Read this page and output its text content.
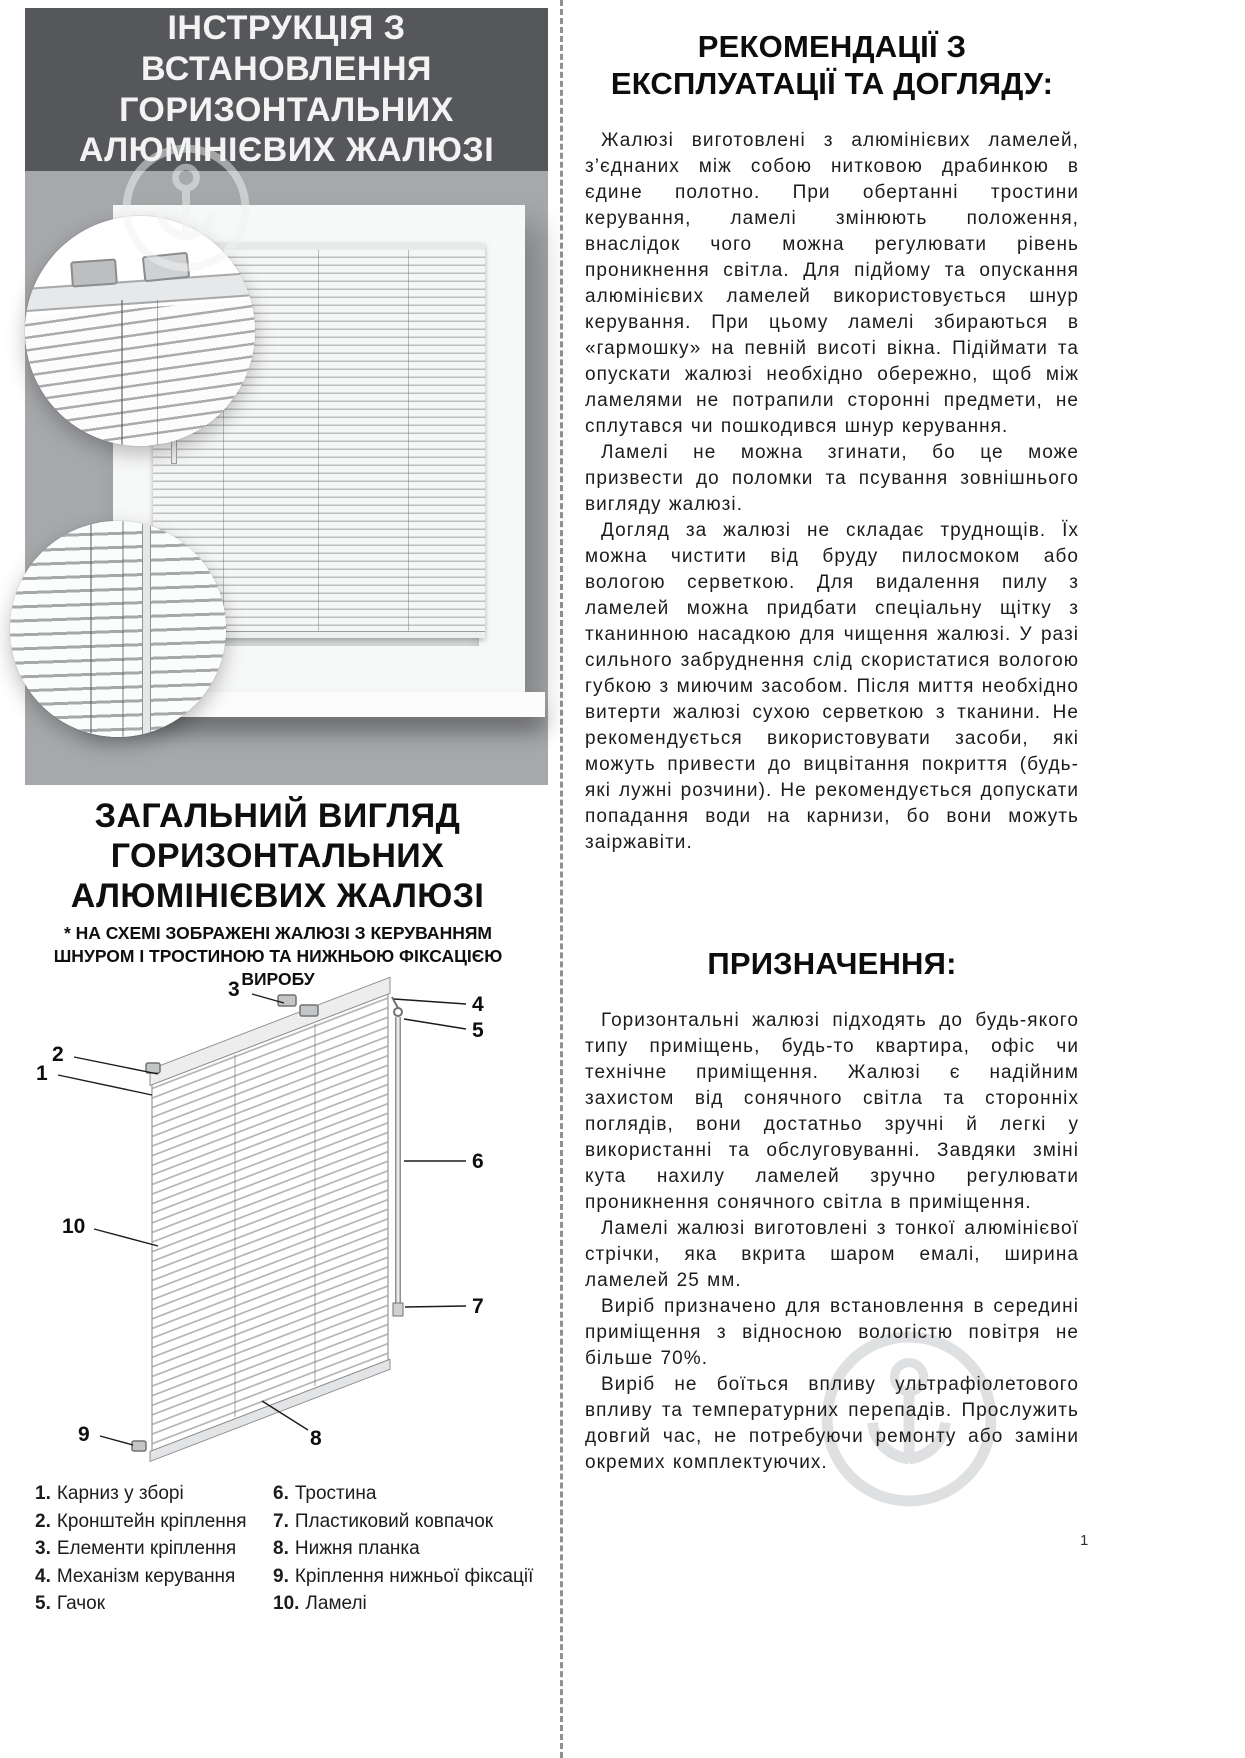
ІНСТРУКЦІЯ З ВСТАНОВЛЕННЯ ГОРИЗОНТАЛЬНИХ АЛЮМІНІЄВИХ ЖАЛЮЗІ
ЗАГАЛЬНИЙ ВИГЛЯД ГОРИЗОНТАЛЬНИХ АЛЮМІНІЄВИХ ЖАЛЮЗІ
* НА СХЕМІ ЗОБРАЖЕНІ ЖАЛЮЗІ З КЕРУВАННЯМ ШНУРОМ І ТРОСТИНОЮ ТА НИЖНЬОЮ ФІКСАЦІЄЮ ВИРОБУ
1
2
3
4
5
6
7
8
9
10
1. Карниз у зборі
2. Кронштейн кріплення
3. Елементи кріплення
4. Механізм керування
5. Гачок
6. Тростина
7. Пластиковий ковпачок
8. Нижня планка
9. Кріплення нижньої фіксації
10. Ламелі
РЕКОМЕНДАЦІЇ З ЕКСПЛУАТАЦІЇ ТА ДОГЛЯДУ:

Жалюзі виготовлені з алюмінієвих ламелей, з’єднаних між собою нитковою драбинкою в єдине полотно. При обертанні тростини керування, ламелі змінюють положення, внаслідок чого можна регулювати рівень проникнення світла. Для підйому та опускання алюмінієвих ламелей використовується шнур керування. При цьому ламелі збираються в «гармошку» на певній висоті вікна. Підіймати та опускати жалюзі необхідно обережно, щоб між ламелями не потрапили сторонні предмети, не сплутався чи пошкодився шнур керування.

Ламелі не можна згинати, бо це може призвести до поломки та псування зовнішнього вигляду жалюзі.

Догляд за жалюзі не складає труднощів. Їх можна чистити від бруду пилосмоком або вологою серветкою. Для видалення пилу з ламелей можна придбати спеціальну щітку з тканинною насадкою для чищення жалюзі. У разі сильного забруднення слід скористатися вологою губкою з миючим засобом. Після миття необхідно витерти жалюзі сухою серветкою з тканини. Не рекомендується використовувати засоби, які можуть привести до вицвітання покриття (будь-які лужні розчини). Не рекомендується допускати попадання води на карнизи, бо вони можуть заіржавіти.

ПРИЗНАЧЕННЯ:

Горизонтальні жалюзі підходять до будь-якого типу приміщень, будь-то квартира, офіс чи технічне приміщення. Жалюзі є надійним захистом від сонячного світла та сторонніх поглядів, вони достатньо зручні й легкі у використанні та обслуговуванні. Завдяки зміні кута нахилу ламелей зручно регулювати проникнення сонячного світла в приміщення.

Ламелі жалюзі виготовлені з тонкої алюмінієвої стрічки, яка вкрита шаром емалі, ширина ламелей 25 мм.

Виріб призначено для встановлення в середині приміщення з відносною вологістю повітря не більше 70%.

Виріб не боїться впливу ультрафіолетового впливу та температурних перепадів. Прослужить довгий час, не потребуючи ремонту або заміни окремих комплектуючих.

1
